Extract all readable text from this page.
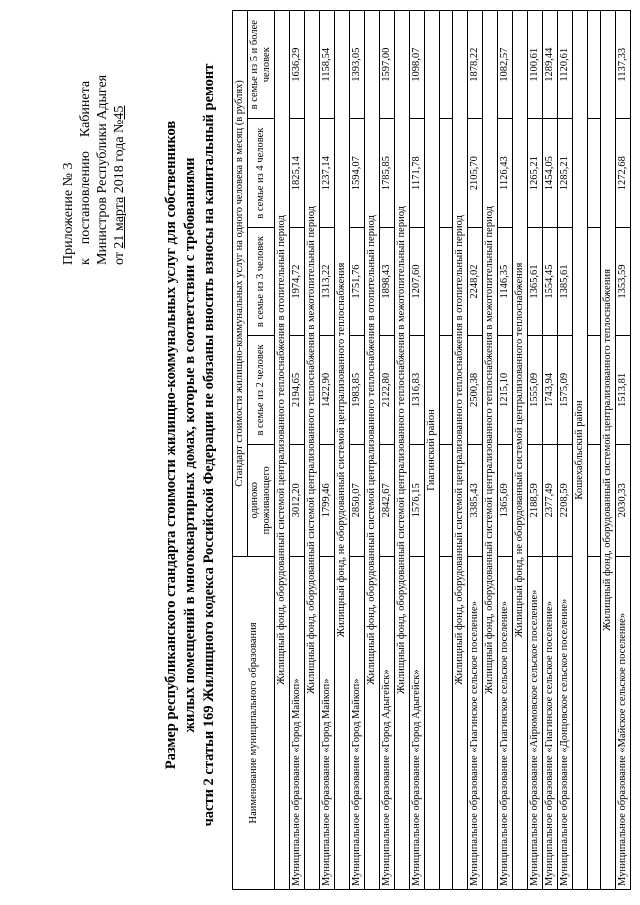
Приложение № 3 к    постановлению    Кабинета Министров Республики Адыгея от 21 марта 2018 года №45
Размер республиканского стандарта стоимости жилищно-коммунальных услуг для собственников жилых помещений в многоквартирных домах, которые в соответствии с требованиями части 2 статьи 169 Жилищного кодекса Российской Федерации не обязаны вносить взносы на капитальный ремонт	Наименование муниципального образования	Стандарт стоимости жилищно-коммунальных услуг на одного человека в месяц (в рублях)				
	одиноко проживающего	в семье из 2 человек	в семье из 3 человек	в семье из 4 человек	в семье из 5 и более человек
Жилищный фонд, оборудованный системой централизованного теплоснабжения в отопительный период					
Муниципальное образование «Город Майкоп»	3012,20	2194,65	1974,72	1825,14	1636,29
Жилищный фонд, оборудованный системой централизованного теплоснабжения в межотопительный период					
Муниципальное образование «Город Майкоп»	1799,46	1422,90	1313,22	1237,14	1158,54
Жилищный фонд, не оборудованный системой централизованного теплоснабжения					
Муниципальное образование «Город Майкоп»	2850,07	1983,85	1751,76	1594,07	1393,05
Жилищный фонд, оборудованный системой централизованного теплоснабжения в отопительный период					
Муниципальное образование «Город Адыгейск»	2842,67	2122,80	1898,43	1785,85	1597,00
Жилищный фонд, оборудованный системой централизованного теплоснабжения в межотопительный период					
Муниципальное образование «Город Адыгейск»	1576,15	1316,83	1207,60	1171,78	1098,07
Гиагинский район					

Жилищный фонд, оборудованный системой централизованного теплоснабжения в отопительный период					
Муниципальное образование «Гиагинское сельское поселение»	3385,43	2500,38	2248,02	2105,70	1878,22
Жилищный фонд, оборудованный системой централизованного теплоснабжения в межотопительный период					
Муниципальное образование «Гиагинское сельское поселение»	1365,69	1215,10	1146,35	1126,43	1082,57
Жилищный фонд, не оборудованный системой централизованного теплоснабжения					
Муниципальное образование «Айрюмовское сельское поселение»	2188,59	1555,09	1365,61	1265,21	1100,61
Муниципальное образование «Гиагинское сельское поселение»	2377,49	1743,94	1554,45	1454,05	1289,44
Муниципальное образование «Донцовское сельское поселение»	2208,59	1575,09	1385,61	1285,21	1120,61
Кошехабльский район					

Жилищный фонд, оборудованный системой централизованного теплоснабжения					
Муниципальное образование «Майское сельское поселение»	2030,33	1513,81	1353,59	1272,68	1137,33
